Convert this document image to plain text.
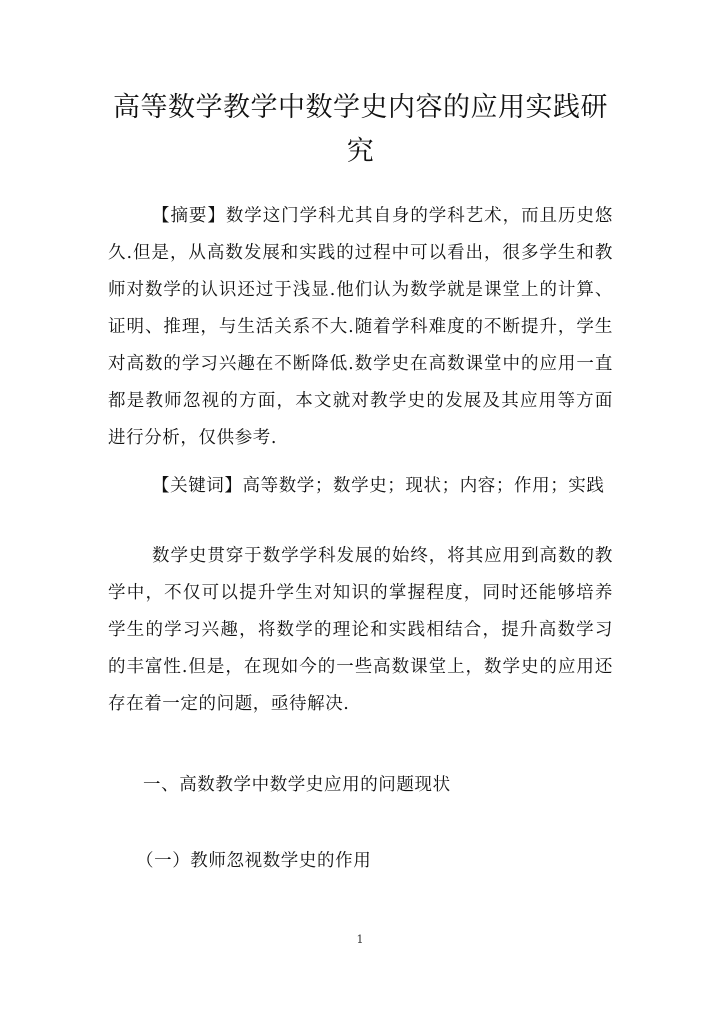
高等数学教学中数学史内容的应用实践研究
【摘要】数学这门学科尤其自身的学科艺术，而且历史悠久.但是，从高数发展和实践的过程中可以看出，很多学生和教师对数学的认识还过于浅显.他们认为数学就是课堂上的计算、证明、推理，与生活关系不大.随着学科难度的不断提升，学生对高数的学习兴趣在不断降低.数学史在高数课堂中的应用一直都是教师忽视的方面，本文就对教学史的发展及其应用等方面进行分析，仅供参考.
【关键词】高等数学；数学史；现状；内容；作用；实践
数学史贯穿于数学学科发展的始终，将其应用到高数的教学中，不仅可以提升学生对知识的掌握程度，同时还能够培养学生的学习兴趣，将数学的理论和实践相结合，提升高数学习的丰富性.但是，在现如今的一些高数课堂上，数学史的应用还存在着一定的问题，亟待解决.
一、高数教学中数学史应用的问题现状
（一）教师忽视数学史的作用
1
